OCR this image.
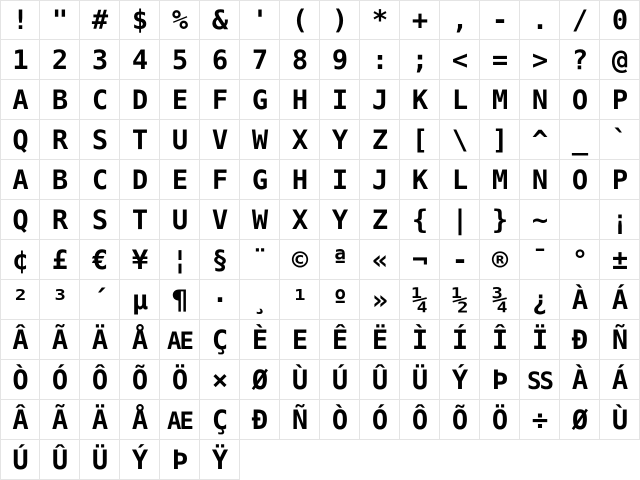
! " # $ % & ' ( ) * + , - . / 0
1 2 3 4 5 6 7 8 9 : ; < = > ? @
A B C D E F G H I J K L M N O P
Q R S T U V W X Y Z [ \ ] ^ _ `
A B C D E F G H I J K L M N O P
Q R S T U V W X Y Z { | } ~	¡
¢ £ € ¥ ¦ § ¨ © ª « ¬ - ® ¯ ° ±
² ³ ´ µ ¶ · ¸ ¹ º » ¼ ½ ¾ ¿ À Á
Â Ã Ä Å AE Ç È E Ê Ë Ì Í Î Ï Ð Ñ
Ò Ó Ô Õ Ö × Ø Ù Ú Û Ü Ý Þ SS À Á
Â Ã Ä Å AE Ç Ð Ñ Ò Ó Ô Õ Ö ÷ Ø Ù
Ú Û Ü Ý Þ Ÿ
